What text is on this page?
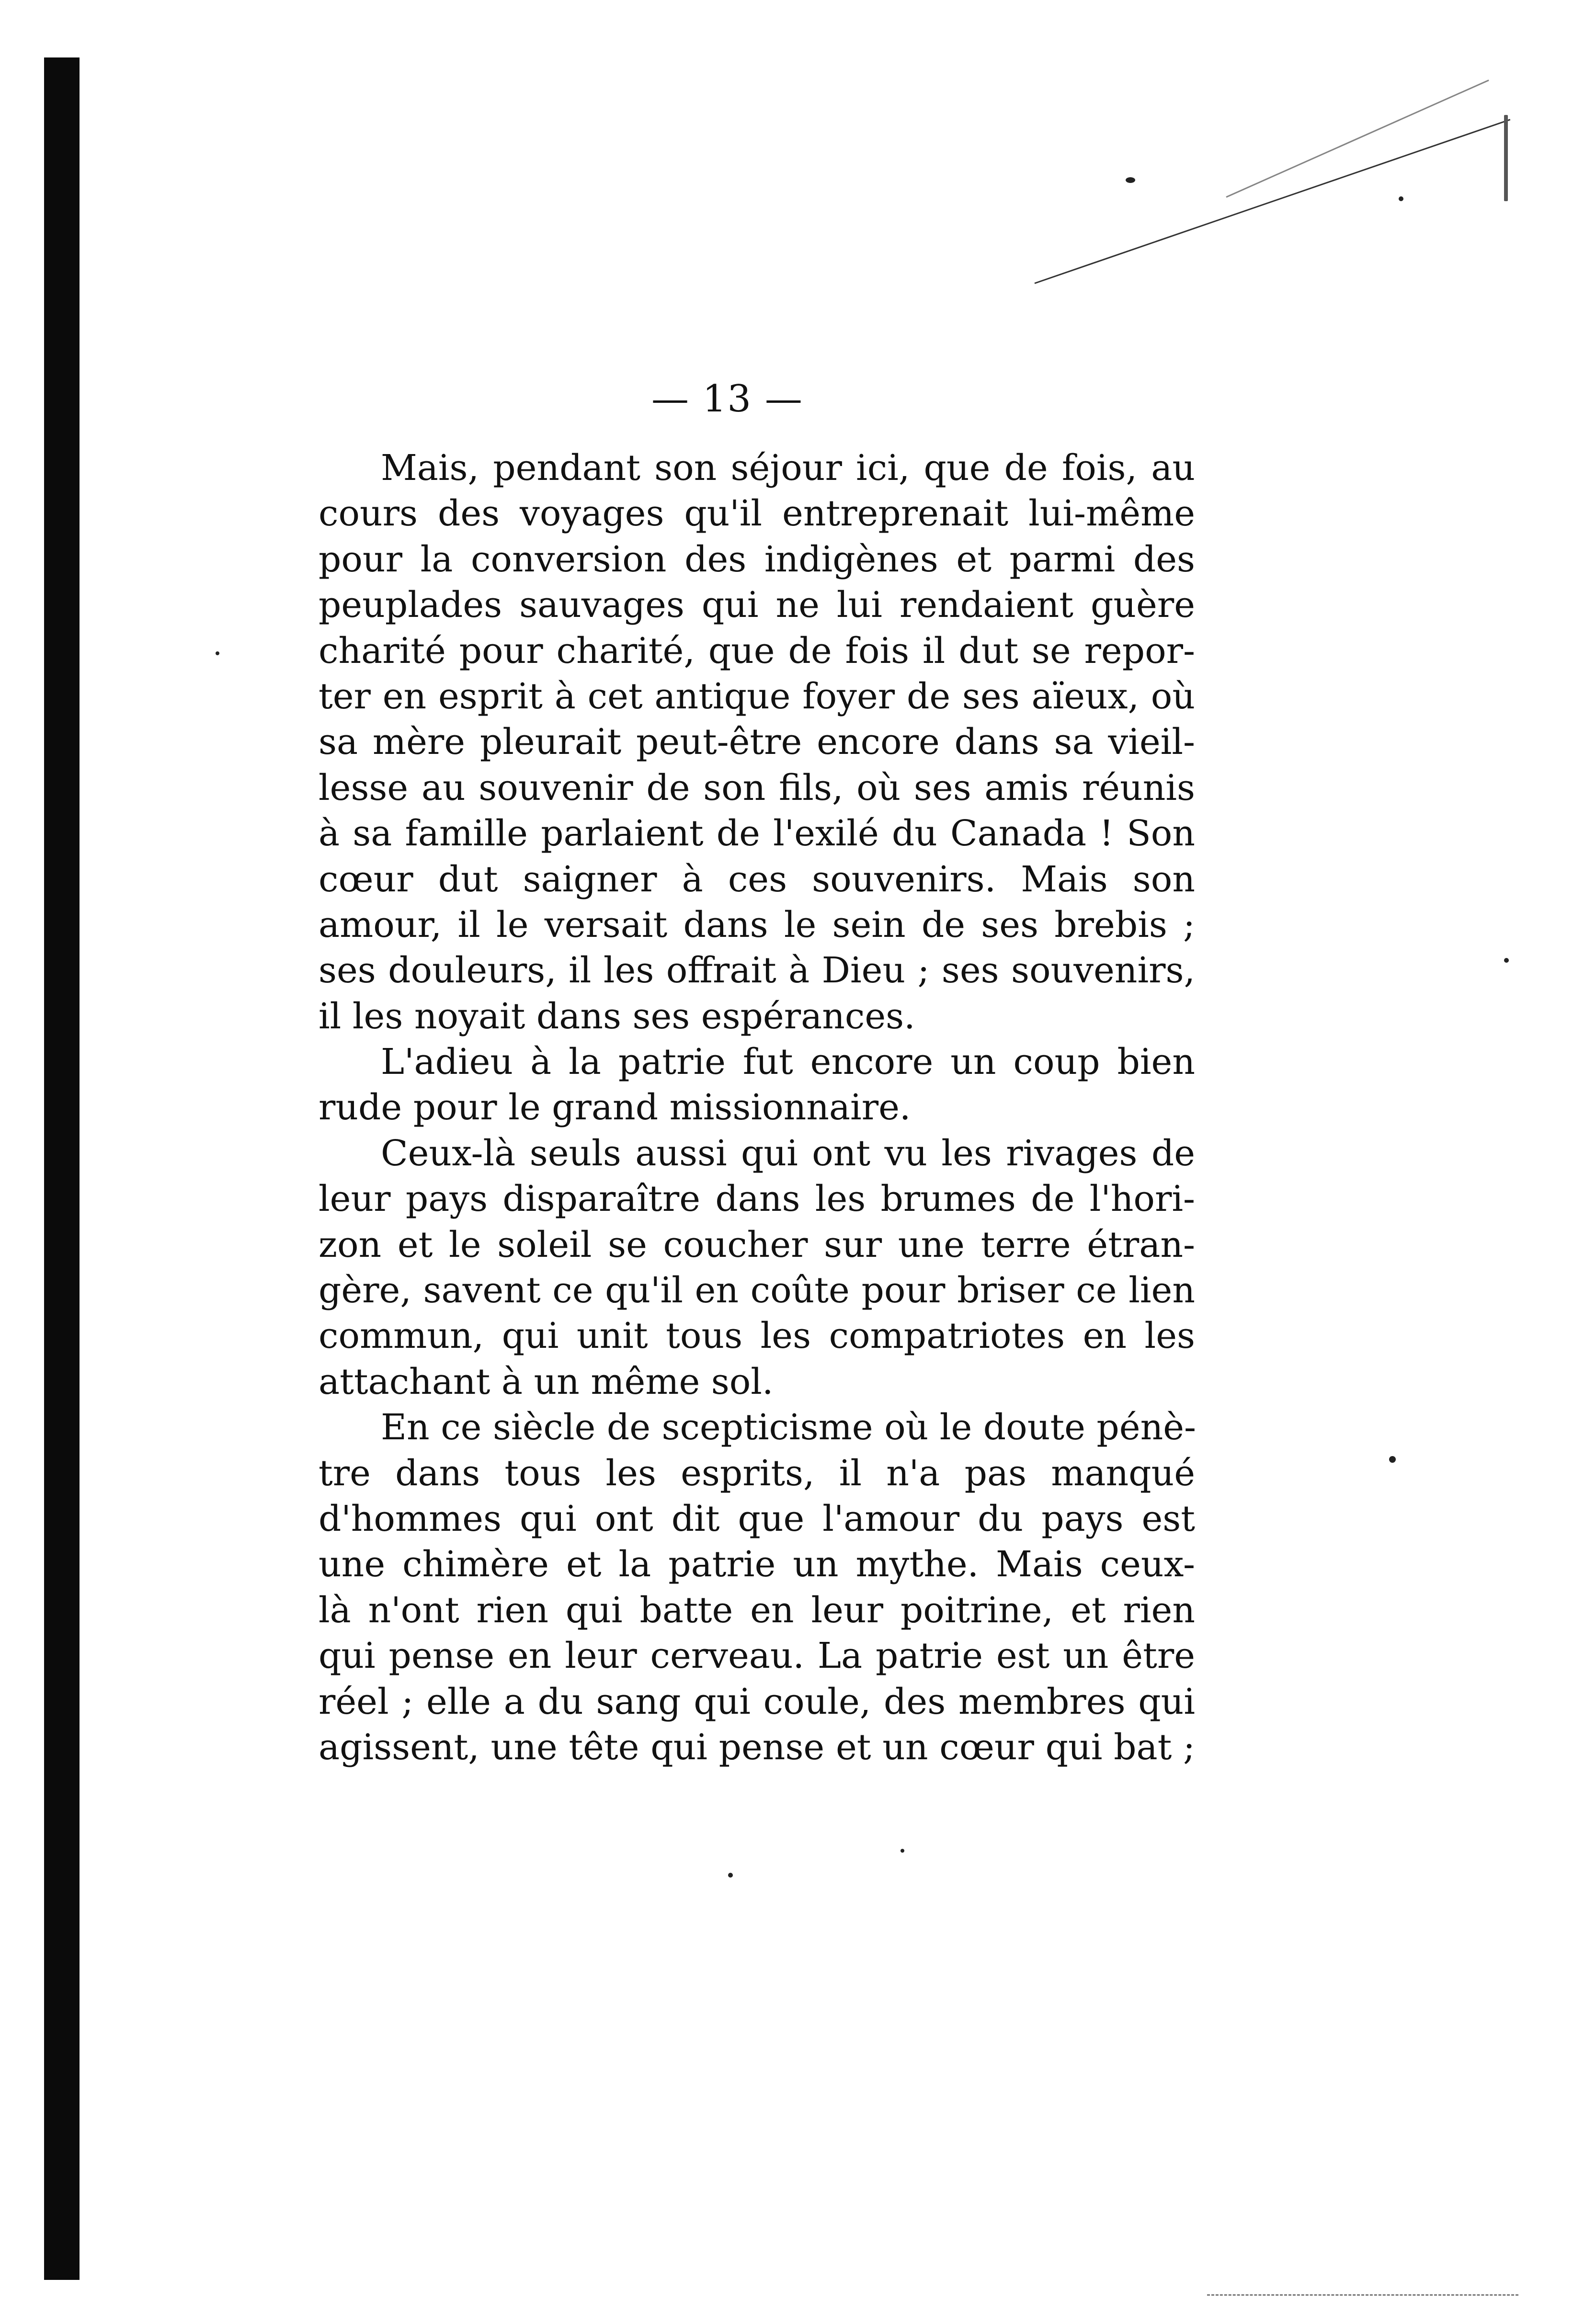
— 13 —

Mais, pendant son séjour ici, que de fois, au
cours des voyages qu'il entreprenait lui-même
pour la conversion des indigènes et parmi des
peuplades sauvages qui ne lui rendaient guère
charité pour charité, que de fois il dut se repor-
ter en esprit à cet antique foyer de ses aïeux, où
sa mère pleurait peut-être encore dans sa vieil-
lesse au souvenir de son fils, où ses amis réunis
à sa famille parlaient de l'exilé du Canada ! Son
cœur dut saigner à ces souvenirs. Mais son
amour, il le versait dans le sein de ses brebis ;
ses douleurs, il les offrait à Dieu ; ses souvenirs,
il les noyait dans ses espérances.

L'adieu à la patrie fut encore un coup bien
rude pour le grand missionnaire.

Ceux-là seuls aussi qui ont vu les rivages de
leur pays disparaître dans les brumes de l'hori-
zon et le soleil se coucher sur une terre étran-
gère, savent ce qu'il en coûte pour briser ce lien
commun, qui unit tous les compatriotes en les
attachant à un même sol.

En ce siècle de scepticisme où le doute pénè-
tre dans tous les esprits, il n'a pas manqué
d'hommes qui ont dit que l'amour du pays est
une chimère et la patrie un mythe. Mais ceux-
là n'ont rien qui batte en leur poitrine, et rien
qui pense en leur cerveau. La patrie est un être
réel ; elle a du sang qui coule, des membres qui
agissent, une tête qui pense et un cœur qui bat ;
